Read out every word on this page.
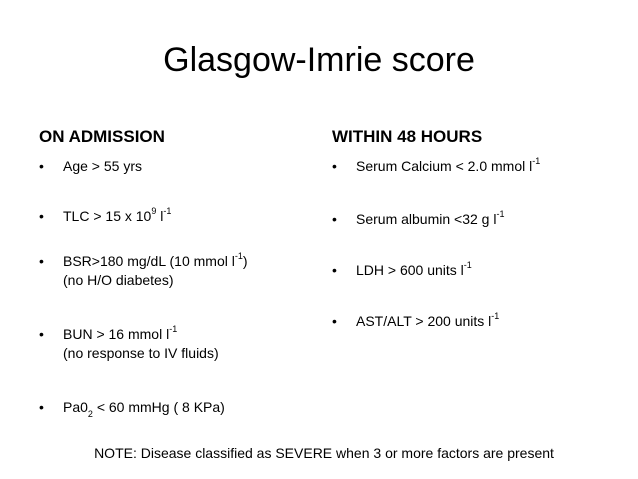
Glasgow-Imrie score
ON ADMISSION
•	Age > 55 yrs
•	TLC > 15 x $10^9$ $l^{-1}$
•	BSR>180 mg/dL (10 mmol $l^{-1}$)
(no H/O diabetes)
•	BUN > 16 mmol $l^{-1}$
(no response to IV fluids)
•	$Pa0_2 < 60$ mmHg ( 8 KPa)
WITHIN 48 HOURS
•	Serum Calcium < 2.0 mmol $l^{-1}$
•	Serum albumin <32 g $l^{-1}$
•	LDH > 600 units $l^{-1}$
•	AST/ALT > 200 units $l^{-1}$
NOTE: Disease classified as SEVERE when 3 or more factors are present
